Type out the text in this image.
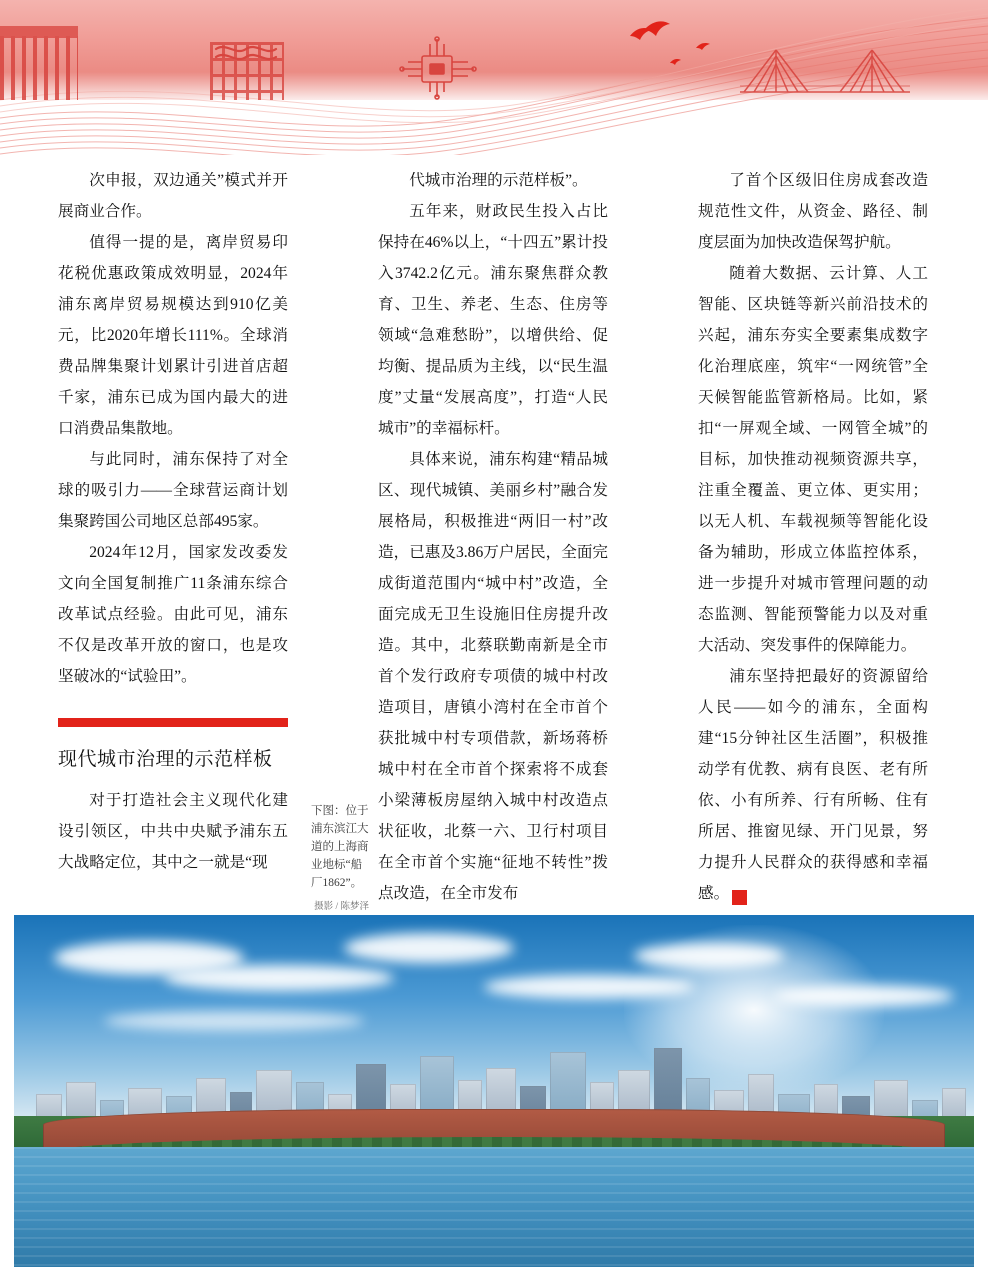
次申报，双边通关”模式并开展商业合作。

值得一提的是，离岸贸易印花税优惠政策成效明显，2024年浦东离岸贸易规模达到910亿美元，比2020年增长111%。全球消费品牌集聚计划累计引进首店超千家，浦东已成为国内最大的进口消费品集散地。

与此同时，浦东保持了对全球的吸引力——全球营运商计划集聚跨国公司地区总部495家。

2024年12月，国家发改委发文向全国复制推广11条浦东综合改革试点经验。由此可见，浦东不仅是改革开放的窗口，也是攻坚破冰的“试验田”。

现代城市治理的示范样板

对于打造社会主义现代化建设引领区，中共中央赋予浦东五大战略定位，其中之一就是“现

下图：位于浦东滨江大道的上海商业地标“船厂1862”。
摄影 / 陈梦泽

代城市治理的示范样板”。

五年来，财政民生投入占比保持在46%以上，“十四五”累计投入3742.2亿元。浦东聚焦群众教育、卫生、养老、生态、住房等领域“急难愁盼”，以增供给、促均衡、提品质为主线，以“民生温度”丈量“发展高度”，打造“人民城市”的幸福标杆。

具体来说，浦东构建“精品城区、现代城镇、美丽乡村”融合发展格局，积极推进“两旧一村”改造，已惠及3.86万户居民，全面完成街道范围内“城中村”改造，全面完成无卫生设施旧住房提升改造。其中，北蔡联勤南新是全市首个发行政府专项债的城中村改造项目，唐镇小湾村在全市首个获批城中村专项借款，新场蒋桥城中村在全市首个探索将不成套小梁薄板房屋纳入城中村改造点状征收，北蔡一六、卫行村项目在全市首个实施“征地不转性”拨点改造，在全市发布

了首个区级旧住房成套改造规范性文件，从资金、路径、制度层面为加快改造保驾护航。

随着大数据、云计算、人工智能、区块链等新兴前沿技术的兴起，浦东夯实全要素集成数字化治理底座，筑牢“一网统管”全天候智能监管新格局。比如，紧扣“一屏观全域、一网管全城”的目标，加快推动视频资源共享，注重全覆盖、更立体、更实用；以无人机、车载视频等智能化设备为辅助，形成立体监控体系，进一步提升对城市管理问题的动态监测、智能预警能力以及对重大活动、突发事件的保障能力。

浦东坚持把最好的资源留给人民——如今的浦东，全面构建“15分钟社区生活圈”，积极推动学有优教、病有良医、老有所依、小有所养、行有所畅、住有所居、推窗见绿、开门见景，努力提升人民群众的获得感和幸福感。	乙
